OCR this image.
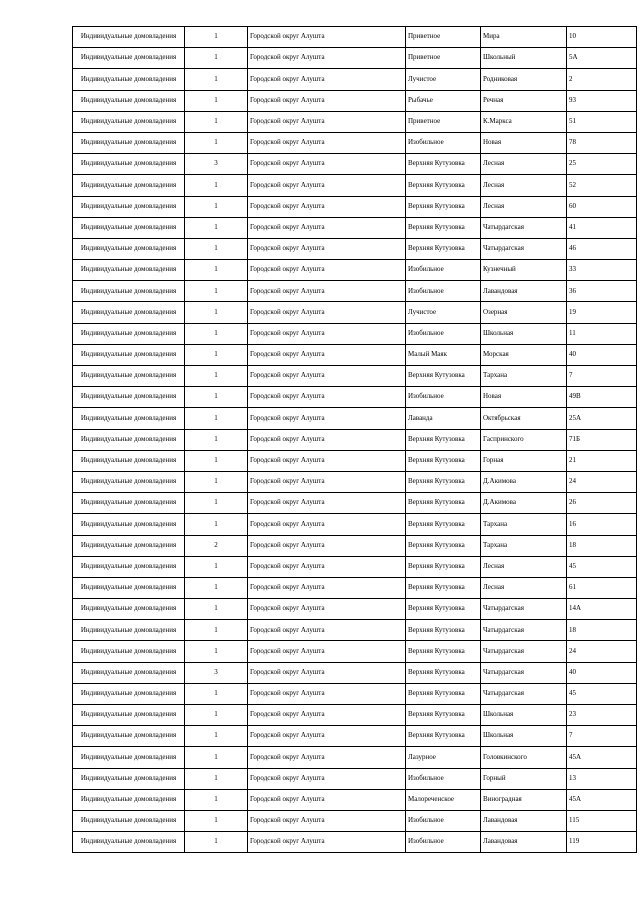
Индивидуальные домовладения	1	Городской округ Алушта	Приветное	Мира	10
Индивидуальные домовладения	1	Городской округ Алушта	Приветное	Школьный	5А
Индивидуальные домовладения	1	Городской округ Алушта	Лучистое	Родниковая	2
Индивидуальные домовладения	1	Городской округ Алушта	Рыбачье	Речная	93
Индивидуальные домовладения	1	Городской округ Алушта	Приветное	К.Маркса	51
Индивидуальные домовладения	1	Городской округ Алушта	Изобильное	Новая	78
Индивидуальные домовладения	3	Городской округ Алушта	Верхняя Кутузовка	Лесная	25
Индивидуальные домовладения	1	Городской округ Алушта	Верхняя Кутузовка	Лесная	52
Индивидуальные домовладения	1	Городской округ Алушта	Верхняя Кутузовка	Лесная	60
Индивидуальные домовладения	1	Городской округ Алушта	Верхняя Кутузовка	Чатырдагская	41
Индивидуальные домовладения	1	Городской округ Алушта	Верхняя Кутузовка	Чатырдагская	46
Индивидуальные домовладения	1	Городской округ Алушта	Изобильное	Кузнечный	33
Индивидуальные домовладения	1	Городской округ Алушта	Изобильное	Лавандовая	36
Индивидуальные домовладения	1	Городской округ Алушта	Лучистое	Озерная	19
Индивидуальные домовладения	1	Городской округ Алушта	Изобильное	Школьная	11
Индивидуальные домовладения	1	Городской округ Алушта	Малый Маяк	Морская	40
Индивидуальные домовладения	1	Городской округ Алушта	Верхняя Кутузовка	Тархана	7
Индивидуальные домовладения	1	Городской округ Алушта	Изобильное	Новая	49В
Индивидуальные домовладения	1	Городской округ Алушта	Лаванда	Октябрьская	25А
Индивидуальные домовладения	1	Городской округ Алушта	Верхняя Кутузовка	Гаспринского	71Б
Индивидуальные домовладения	1	Городской округ Алушта	Верхняя Кутузовка	Горная	21
Индивидуальные домовладения	1	Городской округ Алушта	Верхняя Кутузовка	Д.Акимова	24
Индивидуальные домовладения	1	Городской округ Алушта	Верхняя Кутузовка	Д.Акимова	26
Индивидуальные домовладения	1	Городской округ Алушта	Верхняя Кутузовка	Тархана	16
Индивидуальные домовладения	2	Городской округ Алушта	Верхняя Кутузовка	Тархана	18
Индивидуальные домовладения	1	Городской округ Алушта	Верхняя Кутузовка	Лесная	45
Индивидуальные домовладения	1	Городской округ Алушта	Верхняя Кутузовка	Лесная	61
Индивидуальные домовладения	1	Городской округ Алушта	Верхняя Кутузовка	Чатырдагская	14А
Индивидуальные домовладения	1	Городской округ Алушта	Верхняя Кутузовка	Чатырдагская	18
Индивидуальные домовладения	1	Городской округ Алушта	Верхняя Кутузовка	Чатырдагская	24
Индивидуальные домовладения	3	Городской округ Алушта	Верхняя Кутузовка	Чатырдагская	40
Индивидуальные домовладения	1	Городской округ Алушта	Верхняя Кутузовка	Чатырдагская	45
Индивидуальные домовладения	1	Городской округ Алушта	Верхняя Кутузовка	Школьная	23
Индивидуальные домовладения	1	Городской округ Алушта	Верхняя Кутузовка	Школьная	7
Индивидуальные домовладения	1	Городской округ Алушта	Лазурное	Головкинского	45А
Индивидуальные домовладения	1	Городской округ Алушта	Изобильное	Горный	13
Индивидуальные домовладения	1	Городской округ Алушта	Малореченское	Виноградная	45А
Индивидуальные домовладения	1	Городской округ Алушта	Изобильное	Лавандовая	115
Индивидуальные домовладения	1	Городской округ Алушта	Изобильное	Лавандовая	119
